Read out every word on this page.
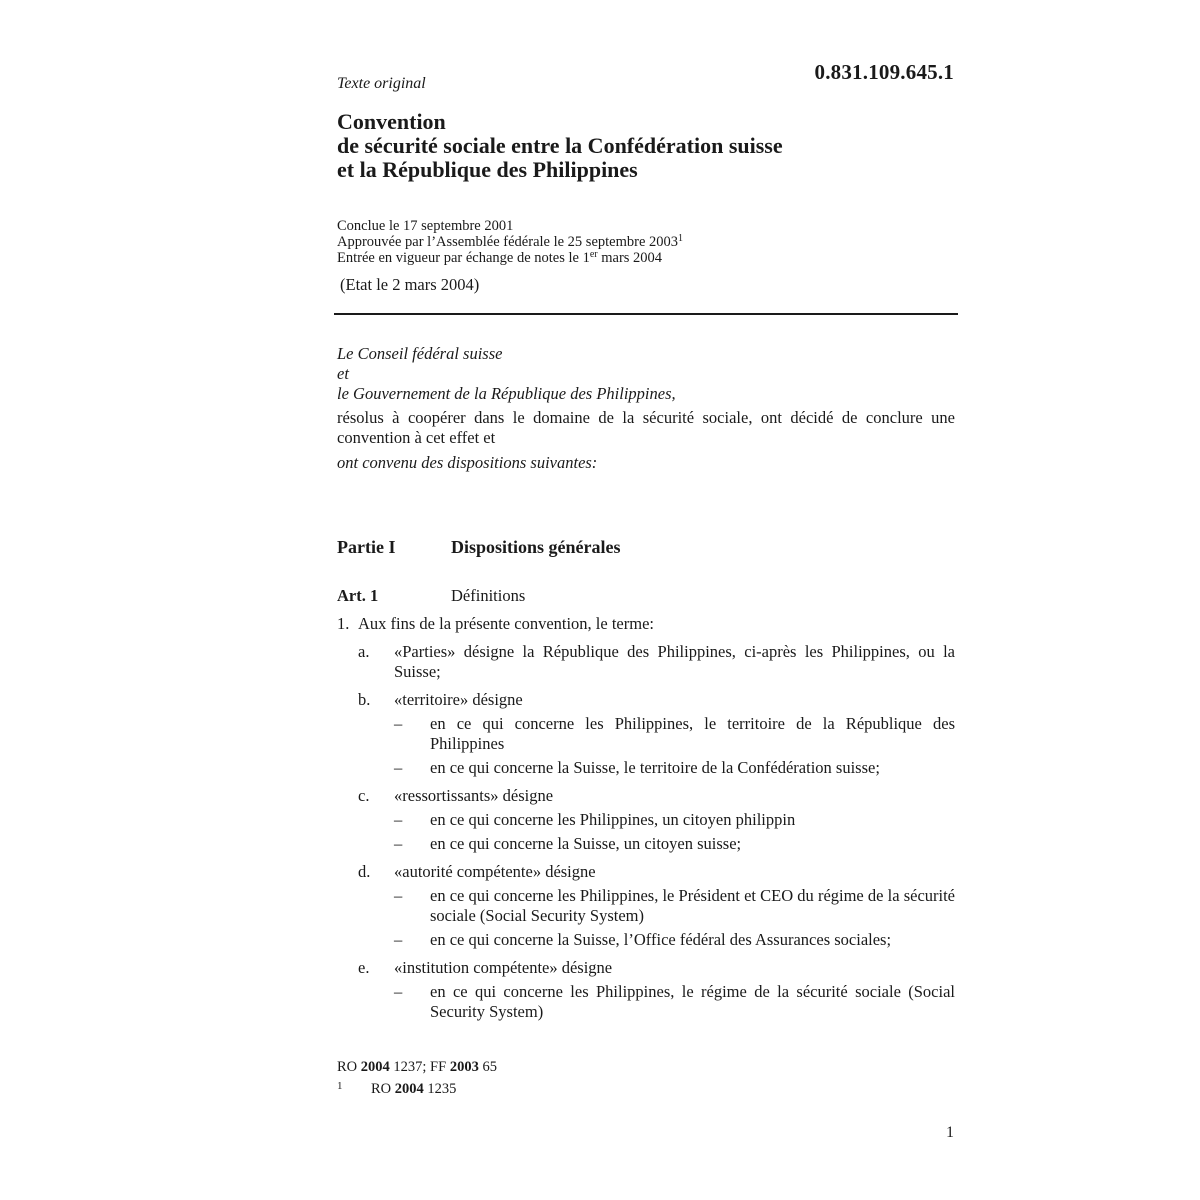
0.831.109.645.1
Texte original
Convention
de sécurité sociale entre la Confédération suisse
et la République des Philippines
Conclue le 17 septembre 2001
Approuvée par l’Assemblée fédérale le 25 septembre 2003$^1$
Entrée en vigueur par échange de notes le 1er mars 2004
(Etat le 2 mars 2004)
Le Conseil fédéral suisse
et
le Gouvernement de la République des Philippines,
résolus à coopérer dans le domaine de la sécurité sociale, ont décidé de conclure une convention à cet effet et
ont convenu des dispositions suivantes:
Partie I	Dispositions générales
Art. 1	Définitions
1. Aux fins de la présente convention, le terme:
a. «Parties» désigne la République des Philippines, ci-après les Philippines, ou la Suisse;
b. «territoire» désigne
– en ce qui concerne les Philippines, le territoire de la République des Philippines
– en ce qui concerne la Suisse, le territoire de la Confédération suisse;
c. «ressortissants» désigne
– en ce qui concerne les Philippines, un citoyen philippin
– en ce qui concerne la Suisse, un citoyen suisse;
d. «autorité compétente» désigne
– en ce qui concerne les Philippines, le Président et CEO du régime de la sécurité sociale (Social Security System)
– en ce qui concerne la Suisse, l’Office fédéral des Assurances sociales;
e. «institution compétente» désigne
– en ce qui concerne les Philippines, le régime de la sécurité sociale (Social Security System)
RO 2004 1237; FF 2003 65
1 RO 2004 1235
1
